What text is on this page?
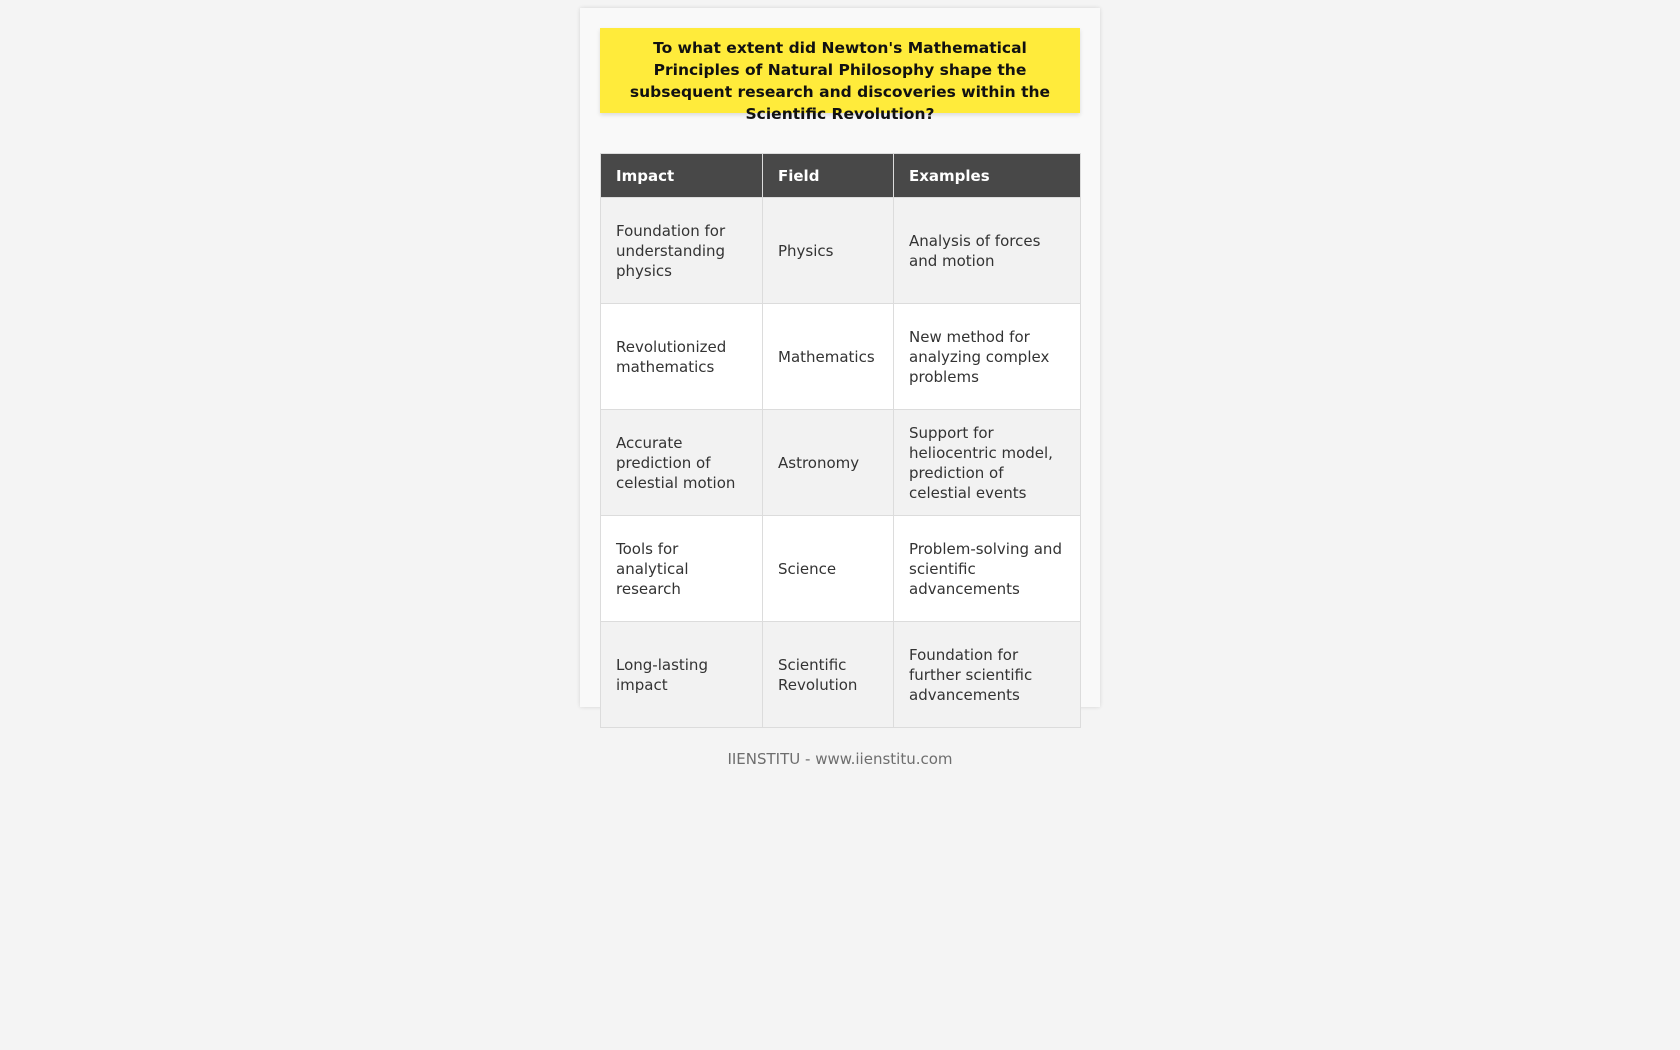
To what extent did Newton's Mathematical Principles of Natural Philosophy shape the subsequent research and discoveries within the Scientific Revolution?
Impact	Field	Examples
Foundation for understanding physics	Physics	Analysis of forces and motion
Revolutionized mathematics	Mathematics	New method for analyzing complex problems
Accurate prediction of celestial motion	Astronomy	Support for heliocentric model, prediction of celestial events
Tools for analytical research	Science	Problem-solving and scientific advancements
Long-lasting impact	Scientific Revolution	Foundation for further scientific advancements
IIENSTITU - www.iienstitu.com
